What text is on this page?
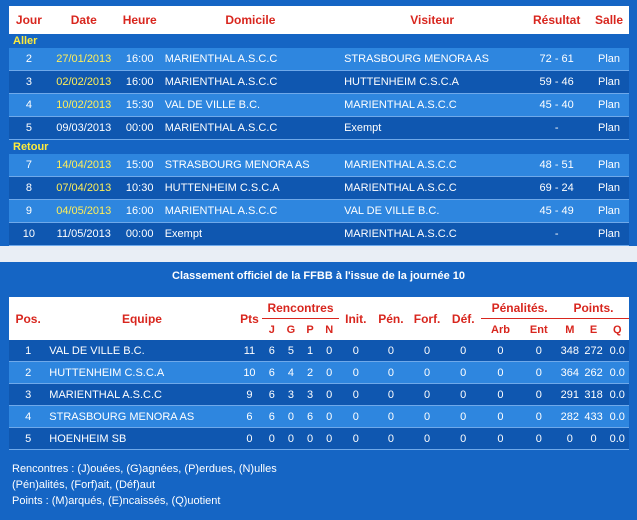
Jour	Date	Heure	Domicile	Visiteur	Résultat	Salle
Aller						
2	27/01/2013	16:00	MARIENTHAL A.S.C.C	STRASBOURG MENORA AS	72 - 61	Plan
3	02/02/2013	16:00	MARIENTHAL A.S.C.C	HUTTENHEIM C.S.C.A	59 - 46	Plan
4	10/02/2013	15:30	VAL DE VILLE B.C.	MARIENTHAL A.S.C.C	45 - 40	Plan
5	09/03/2013	00:00	MARIENTHAL A.S.C.C	Exempt	-	Plan
Retour						
7	14/04/2013	15:00	STRASBOURG MENORA AS	MARIENTHAL A.S.C.C	48 - 51	Plan
8	07/04/2013	10:30	HUTTENHEIM C.S.C.A	MARIENTHAL A.S.C.C	69 - 24	Plan
9	04/05/2013	16:00	MARIENTHAL A.S.C.C	VAL DE VILLE B.C.	45 - 49	Plan
10	11/05/2013	00:00	Exempt	MARIENTHAL A.S.C.C	-	Plan
Classement officiel de la FFBB à l'issue de la journée 10
Pos.	Equipe	Pts	Rencontres				Init.	Pén.	Forf.	Déf.	Pénalités.		Points.		
			J	G	P	N					Arb	Ent	M	E	Q
1	VAL DE VILLE B.C.	11	6	5	1	0	0	0	0	0	0	0	348	272	0.0
2	HUTTENHEIM C.S.C.A	10	6	4	2	0	0	0	0	0	0	0	364	262	0.0
3	MARIENTHAL A.S.C.C	9	6	3	3	0	0	0	0	0	0	0	291	318	0.0
4	STRASBOURG MENORA AS	6	6	0	6	0	0	0	0	0	0	0	282	433	0.0
5	HOENHEIM SB	0	0	0	0	0	0	0	0	0	0	0	0	0	0.0
Rencontres : (J)ouées, (G)agnées, (P)erdues, (N)ulles
(Pén)alités, (Forf)ait, (Déf)aut
Points : (M)arqués, (E)ncaissés, (Q)uotient
